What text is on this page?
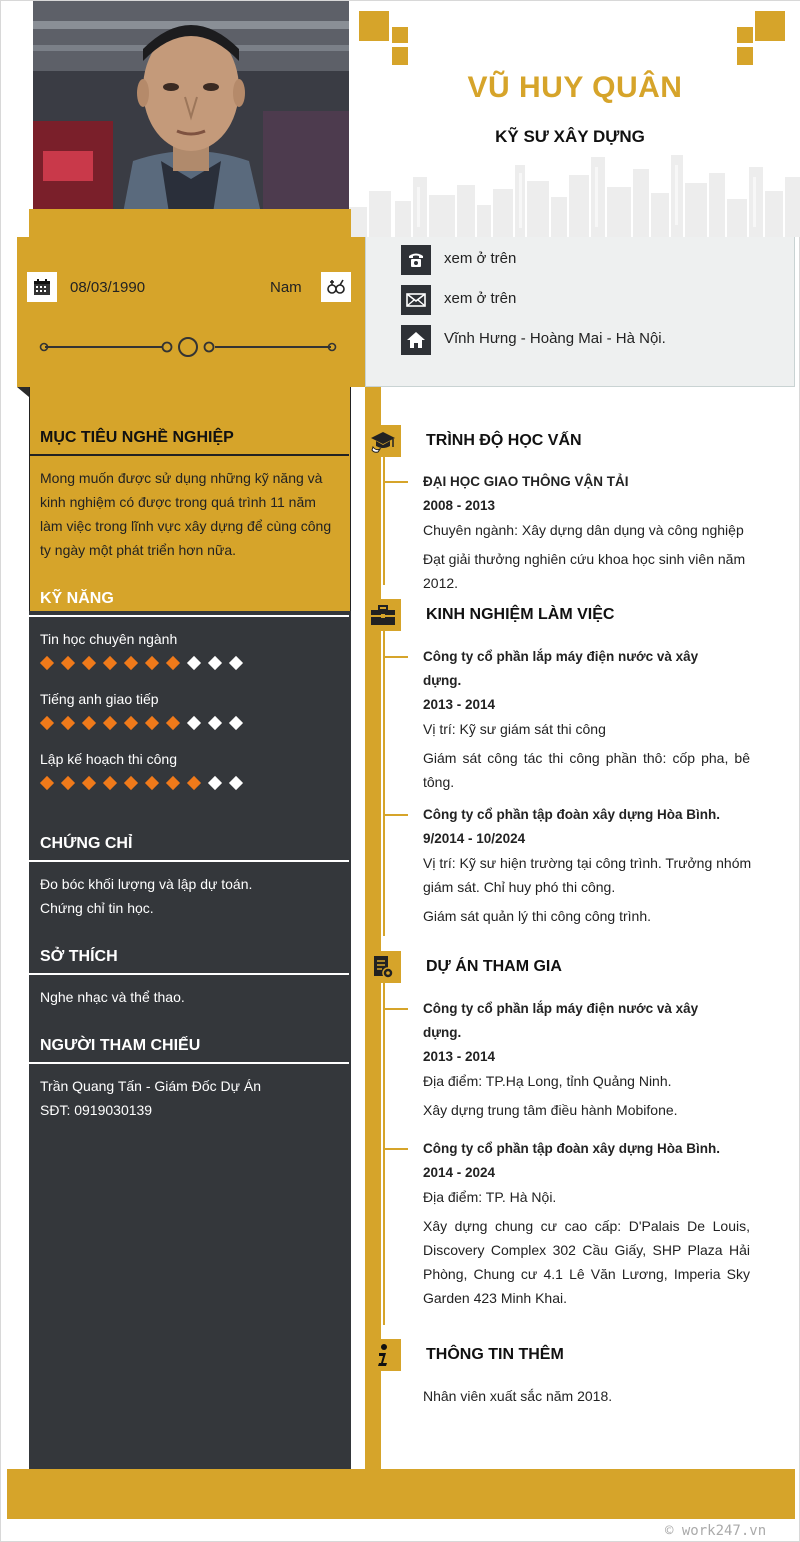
VŨ HUY QUÂN
KỸ SƯ XÂY DỰNG
08/03/1990	Nam
xem ở trên
xem ở trên
Vĩnh Hưng - Hoàng Mai - Hà Nội.
MỤC TIÊU NGHỀ NGHIỆP
Mong muốn được sử dụng những kỹ năng và
kinh nghiệm có được trong quá trình 11 năm
làm việc trong lĩnh vực xây dựng để cùng công
ty ngày một phát triển hơn nữa.
KỸ NĂNG
Tin học chuyên ngành
Tiếng anh giao tiếp
Lập kế hoạch thi công
CHỨNG CHỈ
Đo bóc khối lượng và lập dự toán.
Chứng chỉ tin học.
SỞ THÍCH
Nghe nhạc và thể thao.
NGƯỜI THAM CHIẾU
Trần Quang Tấn - Giám Đốc Dự Án
SĐT: 0919030139
TRÌNH ĐỘ HỌC VẤN
ĐẠI HỌC GIAO THÔNG VẬN TẢI
2008 - 2013
Chuyên ngành: Xây dựng dân dụng và công nghiệp
Đạt giải thưởng nghiên cứu khoa học sinh viên năm 2012.
KINH NGHIỆM LÀM VIỆC
Công ty cổ phần lắp máy điện nước và xây
dựng.
2013 - 2014
Vị trí: Kỹ sư giám sát thi công
Giám sát công tác thi công phần thô: cốp pha, bê
tông.
Công ty cổ phần tập đoàn xây dựng Hòa Bình.
9/2014 - 10/2024
Vị trí: Kỹ sư hiện trường tại công trình. Trưởng nhóm
giám sát. Chỉ huy phó thi công.
Giám sát quản lý thi công công trình.
DỰ ÁN THAM GIA
Công ty cổ phần lắp máy điện nước và xây
dựng.
2013 - 2014
Địa điểm: TP.Hạ Long, tỉnh Quảng Ninh.
Xây dựng trung tâm điều hành Mobifone.
Công ty cổ phần tập đoàn xây dựng Hòa Bình.
2014 - 2024
Địa điểm: TP. Hà Nội.
Xây dựng chung cư cao cấp: D'Palais De Louis,
Discovery Complex 302 Cầu Giấy, SHP Plaza Hải
Phòng, Chung cư 4.1 Lê Văn Lương, Imperia Sky
Garden 423 Minh Khai.
THÔNG TIN THÊM
Nhân viên xuất sắc năm 2018.
© work247.vn
